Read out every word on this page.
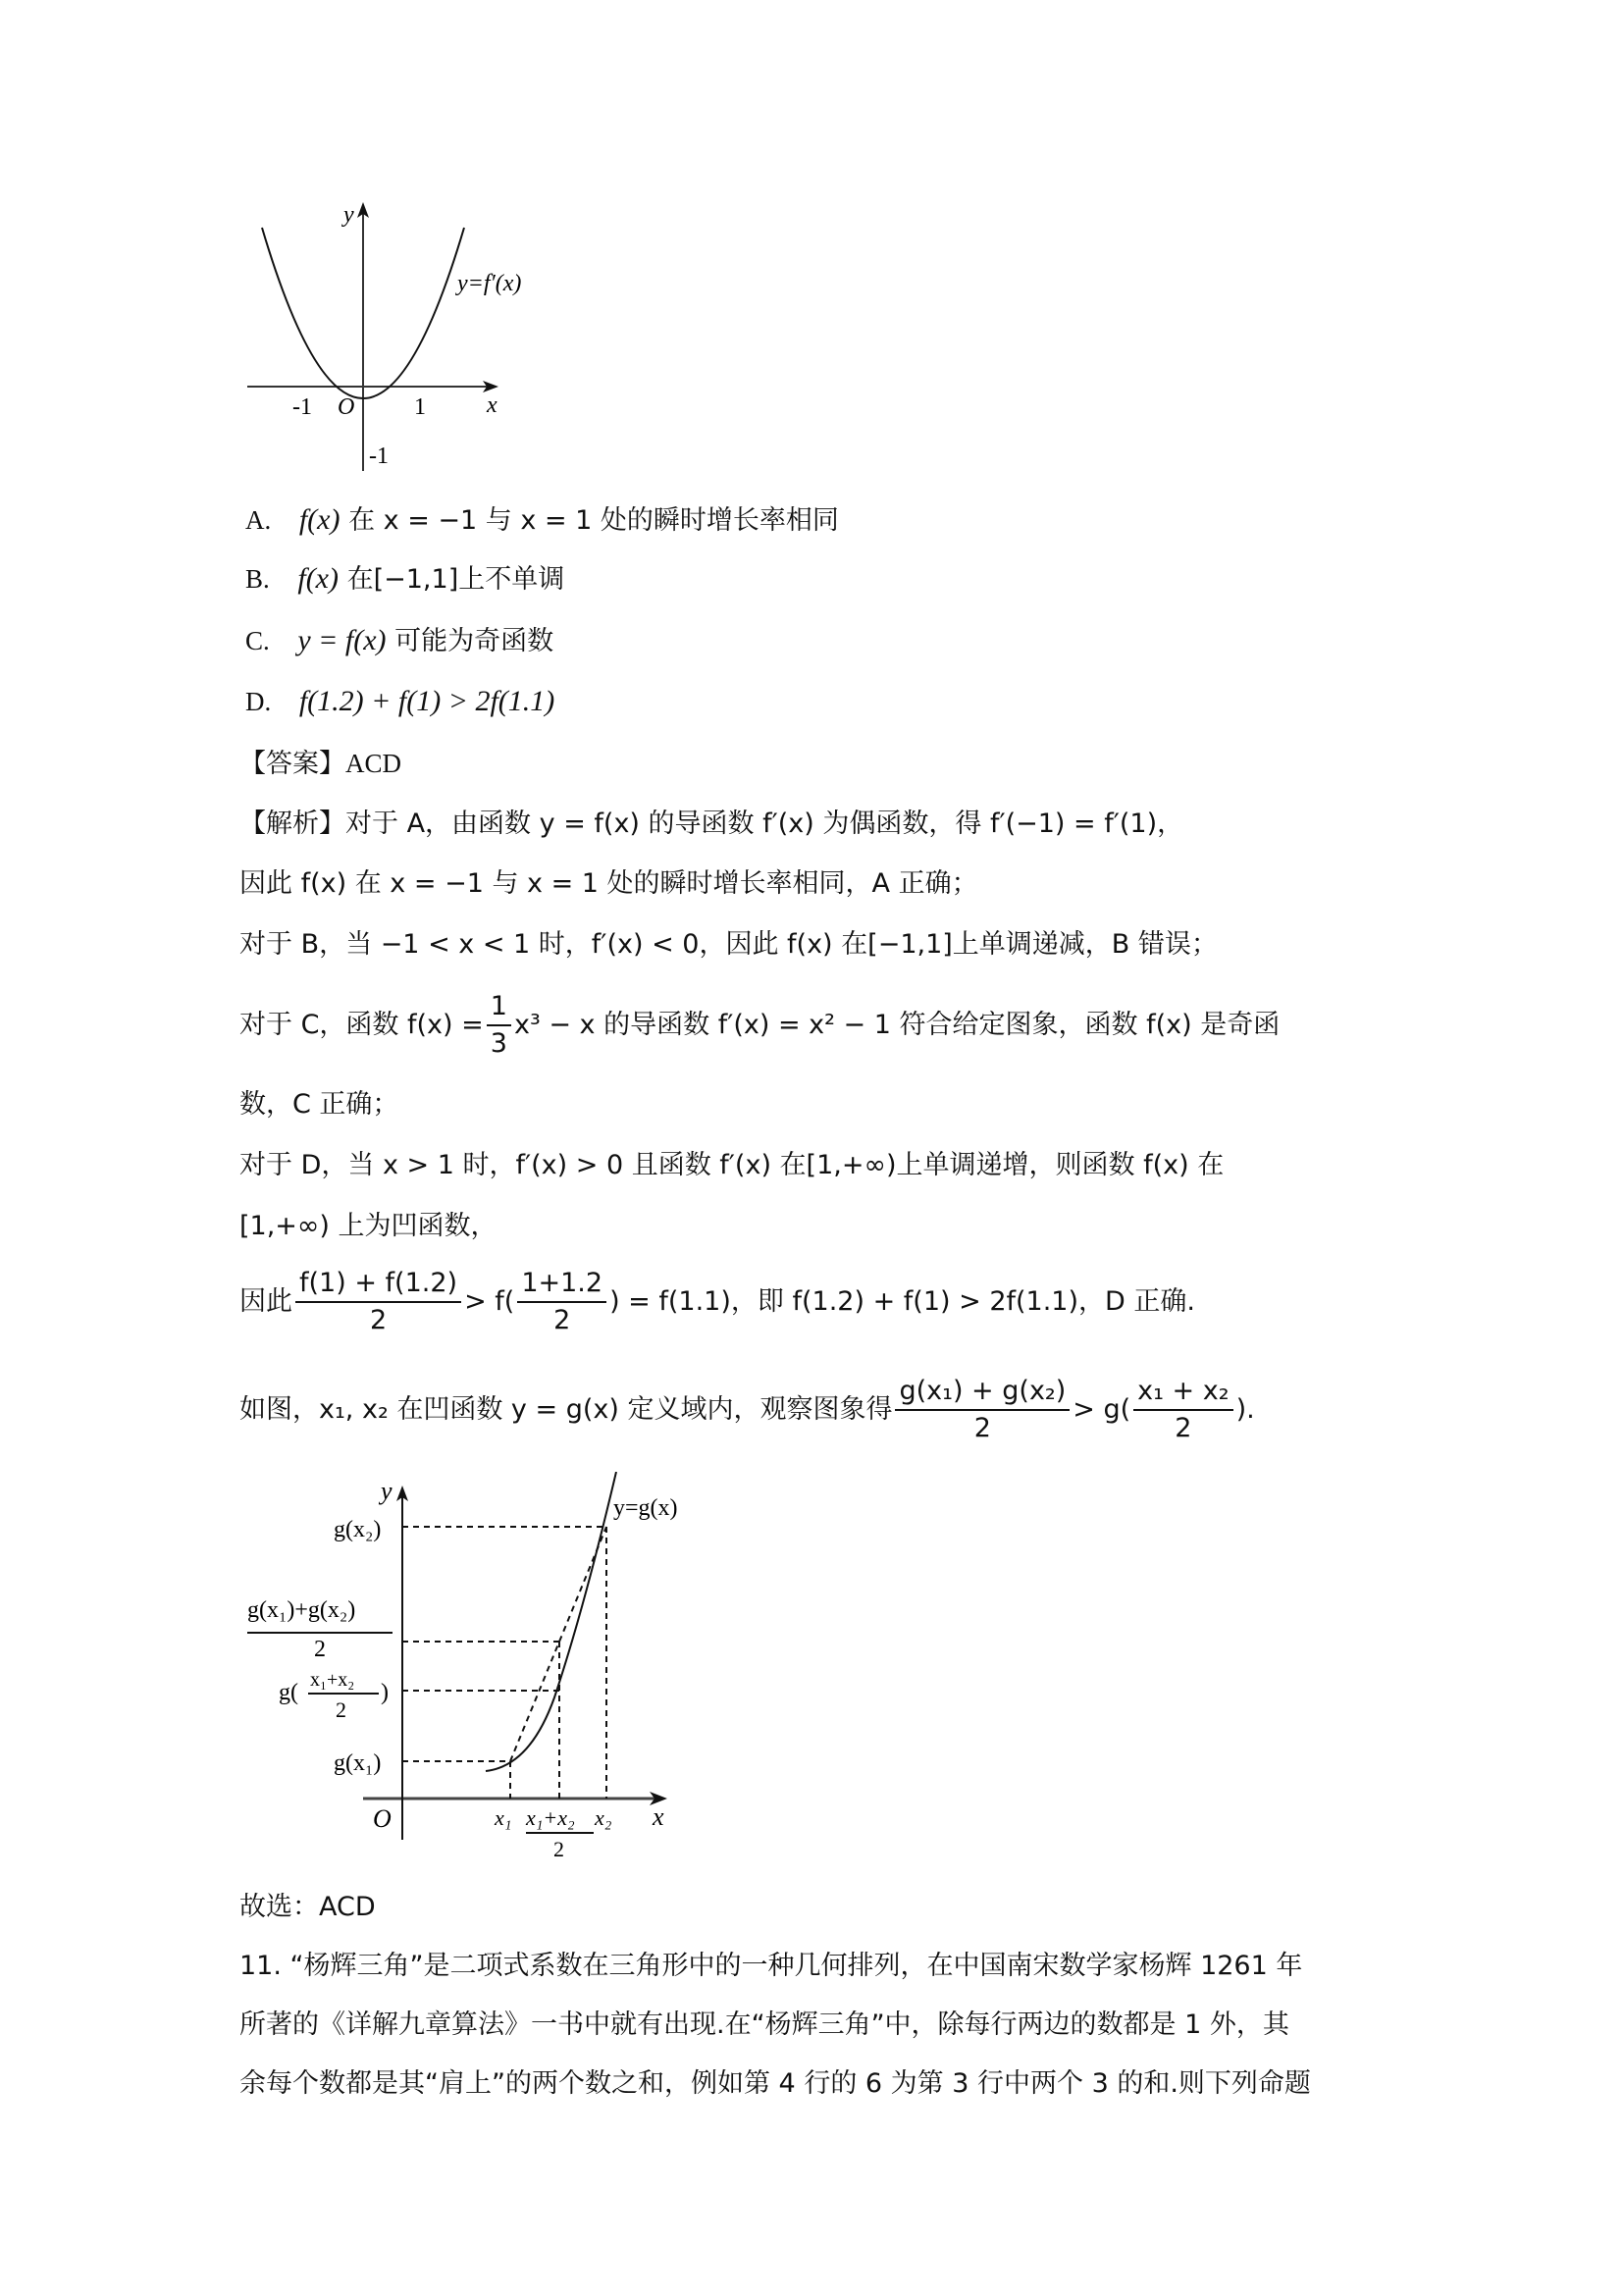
y
x
O
-1	1
-1
y=f′(x)
A. f(x) 在 x = −1 与 x = 1 处的瞬时增长率相同
B. f(x) 在[−1,1]上不单调
C. y = f(x) 可能为奇函数
D. f(1.2) + f(1) > 2f(1.1)
【答案】ACD
【解析】对于 A，由函数 y = f(x) 的导函数 f′(x) 为偶函数，得 f′(−1) = f′(1)，
因此 f(x) 在 x = −1 与 x = 1 处的瞬时增长率相同，A 正确；
对于 B，当 −1 < x < 1 时，f′(x) < 0，因此 f(x) 在[−1,1]上单调递减，B 错误；
对于 C，函数 $f(x) = \frac{1}{3} x^3 - x$ 的导函数 f′(x) = x² − 1 符合给定图象，函数 f(x) 是奇函
数，C 正确；
对于 D，当 x > 1 时，f′(x) > 0 且函数 f′(x) 在[1,+∞)上单调递增，则函数 f(x) 在
[1,+∞) 上为凹函数，
因此 $\frac{f(1) + f(1.2)}{2} > f( \frac{1+1.2}{2}$ ) = f(1.1)，即 f(1.2) + f(1) > 2f(1.1)，D 正确.
如图，x₁, x₂ 在凹函数 y = g(x) 定义域内，观察图象得 $\frac{\text{g(x₁) + g(x₂)}}{2} > g( \frac{\text{x₁ + x₂}}{2}$ ).
y
x
O
y=g(x)
g(x₂)
g(x₁)+g(x₂)
2
g( x₁+x₂
2
)
g(x₁)
x₁ x₁+x₂
2
x₂
故选：ACD
11. “杨辉三角”是二项式系数在三角形中的一种几何排列，在中国南宋数学家杨辉 1261 年
所著的《详解九章算法》一书中就有出现.在“杨辉三角”中，除每行两边的数都是 1 外，其
余每个数都是其“肩上”的两个数之和，例如第 4 行的 6 为第 3 行中两个 3 的和.则下列命题
